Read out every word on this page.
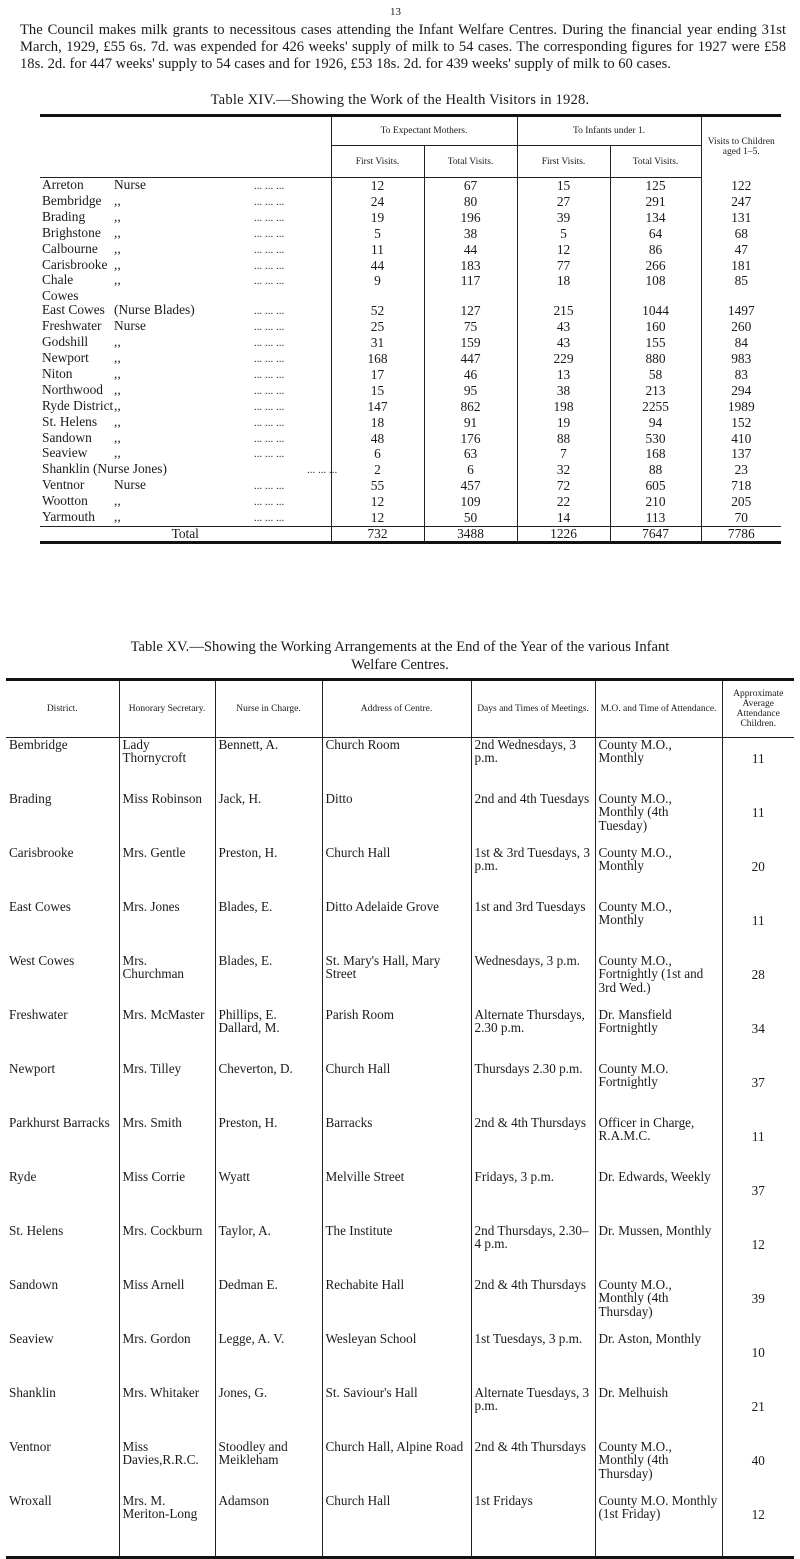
13
The Council makes milk grants to necessitous cases attending the Infant Welfare Centres. During the financial year ending 31st March, 1929, £55 6s. 7d. was expended for 426 weeks' supply of milk to 54 cases. The corresponding figures for 1927 were £58 18s. 2d. for 447 weeks' supply to 54 cases and for 1926, £53 18s. 2d. for 439 weeks' supply of milk to 60 cases.
Table XIV.—Showing the Work of the Health Visitors in 1928.
	To Expectant Mothers.		To Infants under 1.		Visits to Children aged 1–5.
	First Visits.	Total Visits.	First Visits.	Total Visits.	
Arreton Nurse ... ... ...	12	67	15	125	122
Bembridge ,, ... ... ...	24	80	27	291	247
Brading ,, ... ... ...	19	196	39	134	131
Brighstone ,, ... ... ...	5	38	5	64	68
Calbourne ,, ... ... ...	11	44	12	86	47
Carisbrooke ,, ... ... ...	44	183	77	266	181
Chale ,, ... ... ...	9	117	18	108	85
Cowes					
East Cowes (Nurse Blades) ... ... ...	52	127	215	1044	1497
Freshwater Nurse ... ... ...	25	75	43	160	260
Godshill ,, ... ... ...	31	159	43	155	84
Newport ,, ... ... ...	168	447	229	880	983
Niton ,, ... ... ...	17	46	13	58	83
Northwood ,, ... ... ...	15	95	38	213	294
Ryde District,, ... ... ...	147	862	198	2255	1989
St. Helens ,, ... ... ...	18	91	19	94	152
Sandown ,, ... ... ...	48	176	88	530	410
Seaview ,, ... ... ...	6	63	7	168	137
Shanklin (Nurse Jones) ... ... ...	2	6	32	88	23
Ventnor Nurse ... ... ...	55	457	72	605	718
Wootton ,, ... ... ...	12	109	22	210	205
Yarmouth ,, ... ... ...	12	50	14	113	70
Total	732	3488	1226	7647	7786
Table XV.—Showing the Working Arrangements at the End of the Year of the various Infant
Welfare Centres.
District.	Honorary Secretary.	Nurse in Charge.	Address of Centre.	Days and Times of Meetings.	M.O. and Time of Attendance.	Approximate Average Attendance Children.
Bembridge	Lady Thornycroft	Bennett, A.	Church Room	2nd Wednesdays, 3 p.m.	County M.O., Monthly	11
Brading	Miss Robinson	Jack, H.	Ditto	2nd and 4th Tuesdays	County M.O., Monthly (4th Tuesday)	11
Carisbrooke	Mrs. Gentle	Preston, H.	Church Hall	1st & 3rd Tuesdays, 3 p.m.	County M.O., Monthly	20
East Cowes	Mrs. Jones	Blades, E.	Ditto Adelaide Grove	1st and 3rd Tuesdays	County M.O., Monthly	11
West Cowes	Mrs. Churchman	Blades, E.	St. Mary's Hall, Mary Street	Wednesdays, 3 p.m.	County M.O., Fortnightly (1st and 3rd Wed.)	28
Freshwater	Mrs. McMaster	Phillips, E. Dallard, M.	Parish Room	Alternate Thursdays, 2.30 p.m.	Dr. Mansfield Fortnightly	34
Newport	Mrs. Tilley	Cheverton, D.	Church Hall	Thursdays 2.30 p.m.	County M.O. Fortnightly	37
Parkhurst Barracks	Mrs. Smith	Preston, H.	Barracks	2nd & 4th Thursdays	Officer in Charge, R.A.M.C.	11
Ryde	Miss Corrie	Wyatt	Melville Street	Fridays, 3 p.m.	Dr. Edwards, Weekly	37
St. Helens	Mrs. Cockburn	Taylor, A.	The Institute	2nd Thursdays, 2.30–4 p.m.	Dr. Mussen, Monthly	12
Sandown	Miss Arnell	Dedman E.	Rechabite Hall	2nd & 4th Thursdays	County M.O., Monthly (4th Thursday)	39
Seaview	Mrs. Gordon	Legge, A. V.	Wesleyan School	1st Tuesdays, 3 p.m.	Dr. Aston, Monthly	10
Shanklin	Mrs. Whitaker	Jones, G.	St. Saviour's Hall	Alternate Tuesdays, 3 p.m.	Dr. Melhuish	21
Ventnor	Miss Davies,R.R.C.	Stoodley and Meikleham	Church Hall, Alpine Road	2nd & 4th Thursdays	County M.O., Monthly (4th Thursday)	40
Wroxall	Mrs. M. Meriton-Long	Adamson	Church Hall	1st Fridays	County M.O. Monthly (1st Friday)	12
